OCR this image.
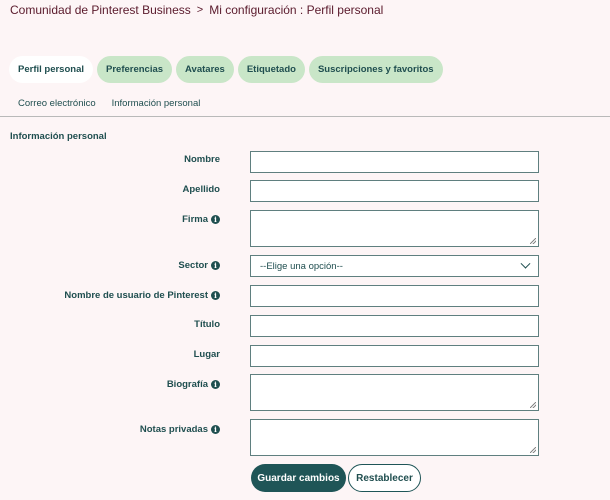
Comunidad de Pinterest Business > Mi configuración : Perfil personal
Perfil personal	Preferencias	Avatares	Etiquetado	Suscripciones y favoritos
Correo electrónico Información personal
Información personal
Nombre
Apellido
Firma i
Sector i	--Elige una opción--
Nombre de usuario de Pinterest i
Título
Lugar
Biografía i
Notas privadas i
Guardar cambios	Restablecer
